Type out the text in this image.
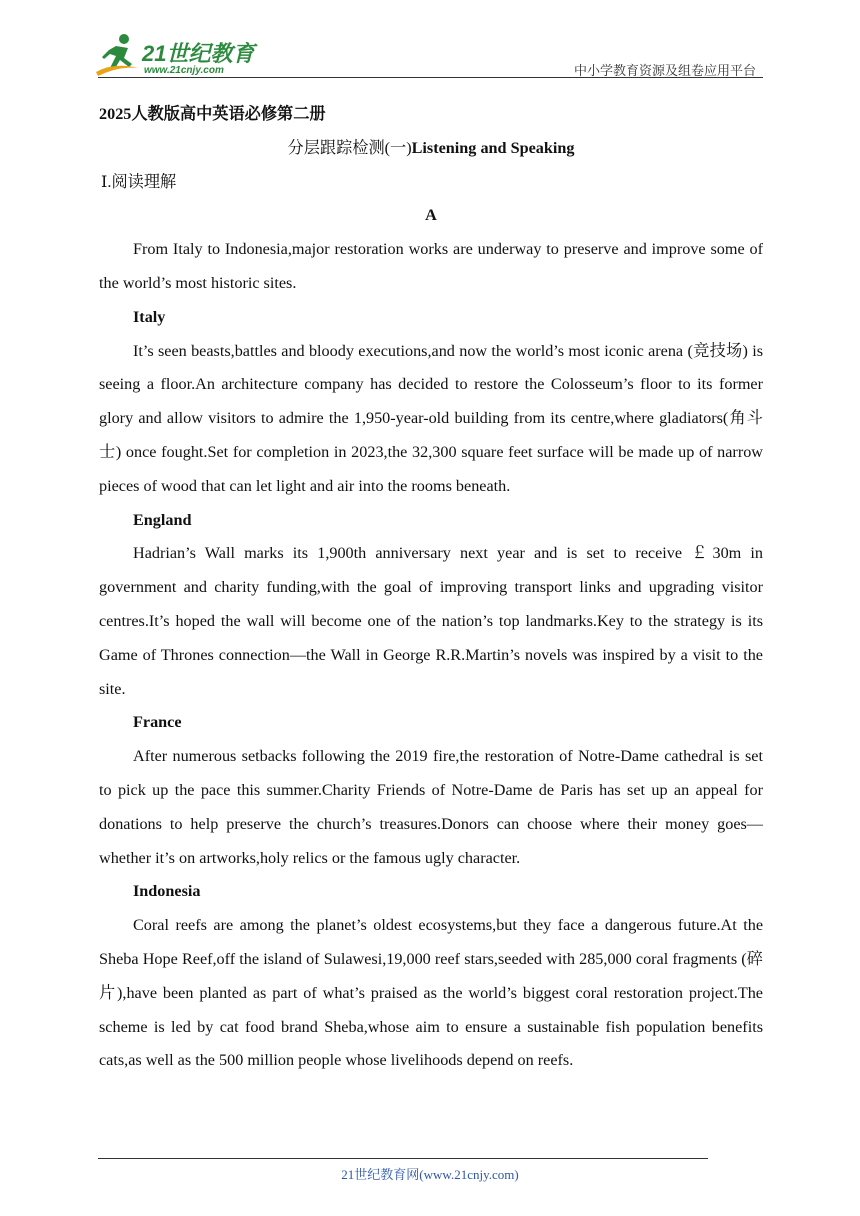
21世纪教育
www.21cnjy.com	中小学教育资源及组卷应用平台

2025人教版高中英语必修第二册

分层跟踪检测(一)Listening and Speaking

Ⅰ.阅读理解

A

From Italy to Indonesia,major restoration works are underway to preserve and improve some of the world’s most historic sites.

Italy

It’s seen beasts,battles and bloody executions,and now the world’s most iconic arena (竞技场) is seeing a floor.An architecture company has decided to restore the Colosseum’s floor to its former glory and allow visitors to admire the 1,950-year-old building from its centre,where gladiators(角斗士) once fought.Set for completion in 2023,the 32,300 square feet surface will be made up of narrow pieces of wood that can let light and air into the rooms beneath.

England

Hadrian’s Wall marks its 1,900th anniversary next year and is set to receive ￡30m in government and charity funding,with the goal of improving transport links and upgrading visitor centres.It’s hoped the wall will become one of the nation’s top landmarks.Key to the strategy is its Game of Thrones connection—the Wall in George R.R.Martin’s novels was inspired by a visit to the site.

France

After numerous setbacks following the 2019 fire,the restoration of Notre-Dame cathedral is set to pick up the pace this summer.Charity Friends of Notre-Dame de Paris has set up an appeal for donations to help preserve the church’s treasures.Donors can choose where their money goes—whether it’s on artworks,holy relics or the famous ugly character.

Indonesia

Coral reefs are among the planet’s oldest ecosystems,but they face a dangerous future.At the Sheba Hope Reef,off the island of Sulawesi,19,000 reef stars,seeded with 285,000 coral fragments (碎片),have been planted as part of what’s praised as the world’s biggest coral restoration project.The scheme is led by cat food brand Sheba,whose aim to ensure a sustainable fish population benefits cats,as well as the 500 million people whose livelihoods depend on reefs.

21世纪教育网(www.21cnjy.com)
